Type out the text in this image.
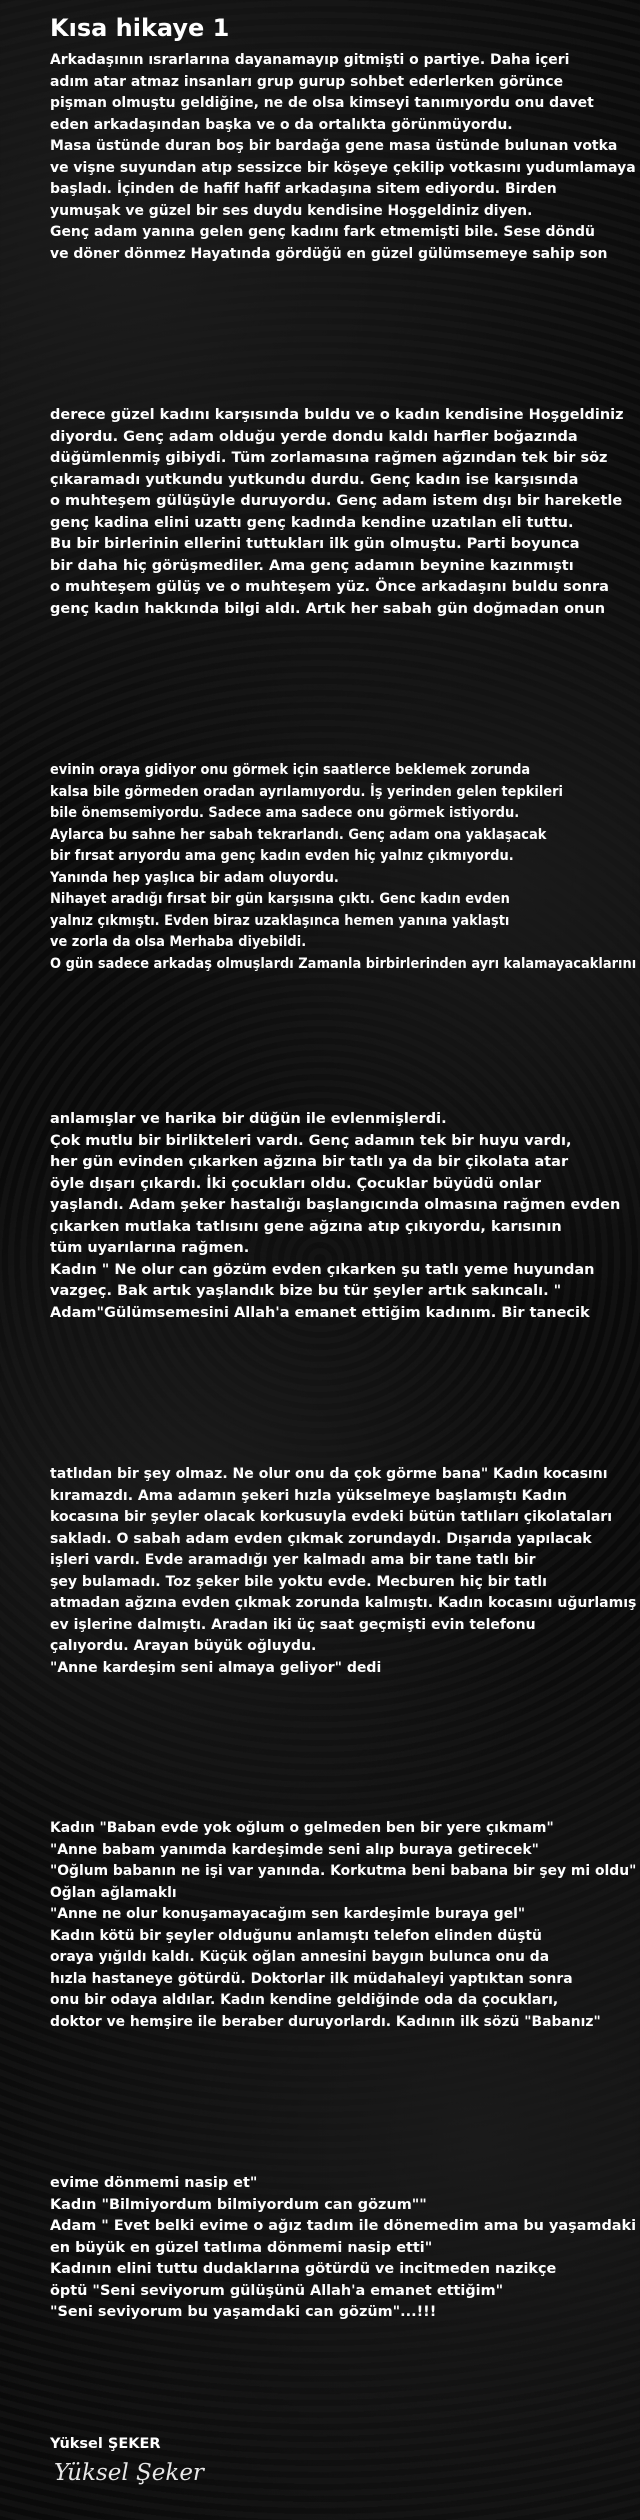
Kısa hikaye 1
Arkadaşının ısrarlarına dayanamayıp gitmişti o partiye. Daha içeri
adım atar atmaz insanları grup gurup sohbet ederlerken görünce
pişman olmuştu geldiğine, ne de olsa kimseyi tanımıyordu onu davet
eden arkadaşından başka ve o da ortalıkta görünmüyordu.
Masa üstünde duran boş bir bardağa gene masa üstünde bulunan votka
ve vişne suyundan atıp sessizce bir köşeye çekilip votkasını yudumlamaya
başladı. İçinden de hafif hafif arkadaşına sitem ediyordu. Birden
yumuşak ve güzel bir ses duydu kendisine Hoşgeldiniz diyen.
Genç adam yanına gelen genç kadını fark etmemişti bile. Sese döndü
ve döner dönmez Hayatında gördüğü en güzel gülümsemeye sahip son
derece güzel kadını karşısında buldu ve o kadın kendisine Hoşgeldiniz
diyordu. Genç adam olduğu yerde dondu kaldı harfler boğazında
düğümlenmiş gibiydi. Tüm zorlamasına rağmen ağzından tek bir söz
çıkaramadı yutkundu yutkundu durdu. Genç kadın ise karşısında
o muhteşem gülüşüyle duruyordu. Genç adam istem dışı bir hareketle
genç kadina elini uzattı genç kadında kendine uzatılan eli tuttu.
Bu bir birlerinin ellerini tuttukları ilk gün olmuştu. Parti boyunca
bir daha hiç görüşmediler. Ama genç adamın beynine kazınmıştı
o muhteşem gülüş ve o muhteşem yüz. Önce arkadaşını buldu sonra
genç kadın hakkında bilgi aldı. Artık her sabah gün doğmadan onun
evinin oraya gidiyor onu görmek için saatlerce beklemek zorunda
kalsa bile görmeden oradan ayrılamıyordu. İş yerinden gelen tepkileri
bile önemsemiyordu. Sadece ama sadece onu görmek istiyordu.
Aylarca bu sahne her sabah tekrarlandı. Genç adam ona yaklaşacak
bir fırsat arıyordu ama genç kadın evden hiç yalnız çıkmıyordu.
Yanında hep yaşlıca bir adam oluyordu.
Nihayet aradığı fırsat bir gün karşısına çıktı. Genc kadın evden
yalnız çıkmıştı. Evden biraz uzaklaşınca hemen yanına yaklaştı
ve zorla da olsa Merhaba diyebildi.
O gün sadece arkadaş olmuşlardı Zamanla birbirlerinden ayrı kalamayacaklarını
anlamışlar ve harika bir düğün ile evlenmişlerdi.
Çok mutlu bir birlikteleri vardı. Genç adamın tek bir huyu vardı,
her gün evinden çıkarken ağzına bir tatlı ya da bir çikolata atar
öyle dışarı çıkardı. İki çocukları oldu. Çocuklar büyüdü onlar
yaşlandı. Adam şeker hastalığı başlangıcında olmasına rağmen evden
çıkarken mutlaka tatlısını gene ağzına atıp çıkıyordu, karısının
tüm uyarılarına rağmen.
Kadın " Ne olur can gözüm evden çıkarken şu tatlı yeme huyundan
vazgeç. Bak artık yaşlandık bize bu tür şeyler artık sakıncalı. "
Adam"Gülümsemesini Allah'a emanet ettiğim kadınım. Bir tanecik
tatlıdan bir şey olmaz. Ne olur onu da çok görme bana" Kadın kocasını
kıramazdı. Ama adamın şekeri hızla yükselmeye başlamıştı Kadın
kocasına bir şeyler olacak korkusuyla evdeki bütün tatlıları çikolataları
sakladı. O sabah adam evden çıkmak zorundaydı. Dışarıda yapılacak
işleri vardı. Evde aramadığı yer kalmadı ama bir tane tatlı bir
şey bulamadı. Toz şeker bile yoktu evde. Mecburen hiç bir tatlı
atmadan ağzına evden çıkmak zorunda kalmıştı. Kadın kocasını uğurlamış
ev işlerine dalmıştı. Aradan iki üç saat geçmişti evin telefonu
çalıyordu. Arayan büyük oğluydu.
"Anne kardeşim seni almaya geliyor" dedi
Kadın "Baban evde yok oğlum o gelmeden ben bir yere çıkmam"
"Anne babam yanımda kardeşimde seni alıp buraya getirecek"
"Oğlum babanın ne işi var yanında. Korkutma beni babana bir şey mi oldu"
Oğlan ağlamaklı
"Anne ne olur konuşamayacağım sen kardeşimle buraya gel"
Kadın kötü bir şeyler olduğunu anlamıştı telefon elinden düştü
oraya yığıldı kaldı. Küçük oğlan annesini baygın bulunca onu da
hızla hastaneye götürdü. Doktorlar ilk müdahaleyi yaptıktan sonra
onu bir odaya aldılar. Kadın kendine geldiğinde oda da çocukları,
doktor ve hemşire ile beraber duruyorlardı. Kadının ilk sözü "Babanız"
evime dönmemi nasip et"
Kadın "Bilmiyordum bilmiyordum can gözum""
Adam " Evet belki evime o ağız tadım ile dönemedim ama bu yaşamdaki
en büyük en güzel tatlıma dönmemi nasip etti"
Kadının elini tuttu dudaklarına götürdü ve incitmeden nazikçe
öptü "Seni seviyorum gülüşünü Allah'a emanet ettiğim"
"Seni seviyorum bu yaşamdaki can gözüm"...!!!
Yüksel ŞEKER
Yüksel Şeker
